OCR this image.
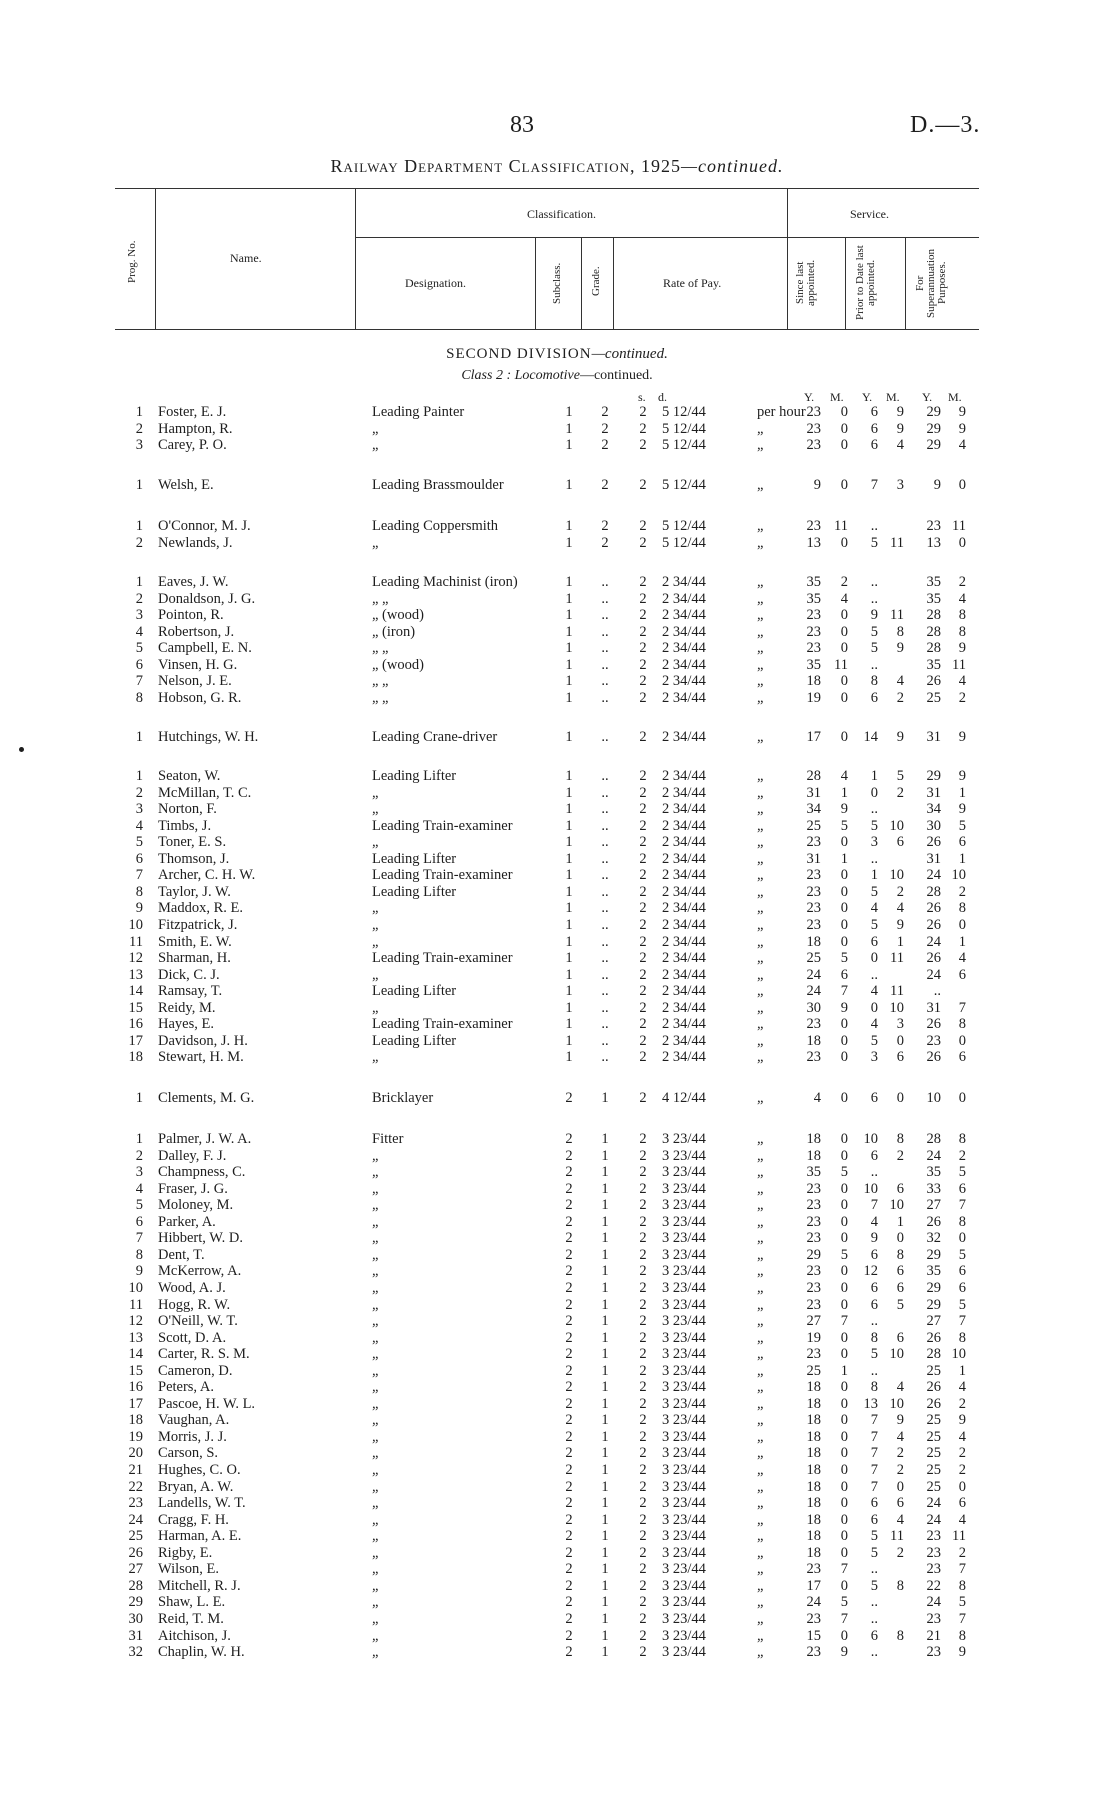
83	D.—3.
Railway Department Classification, 1925—continued.
Prog. No.	Name.
Classification.	Service.
Designation.	Subclass. Grade.	Rate of Pay.	Since last appointed.	Prior to Date last appointed.	For Superannuation Purposes.
SECOND DIVISION—continued.
Class 2 : Locomotive—continued.
s. d.	Y. M. Y. M. Y. M.
1 Foster, E. J.	Leading Painter	1	2	2 5 12/44	per hour 23	0	6	9	29	9
2 Hampton, R.	„	1	2	2 5 12/44	„	23	0	6	9	29	9
3 Carey, P. O.	„	1	2	2 5 12/44	„	23	0	6	4	29	4
1 Welsh, E.	Leading Brassmoulder	1	2	2 5 12/44	„	9	0	7	3	9	0
1 O'Connor, M. J.	Leading Coppersmith	1	2	2 5 12/44	„	23 11	..	23 11
2 Newlands, J.	„	1	2	2 5 12/44	„	13	0	5 11	13	0
1 Eaves, J. W.	Leading Machinist (iron)	1	..	2 2 34/44	„	35	2	..	35	2
2 Donaldson, J. G.	„ „	1	..	2 2 34/44	„	35	4	..	35	4
3 Pointon, R.	„ (wood)	1	..	2 2 34/44	„	23	0	9 11	28	8
4 Robertson, J.	„ (iron)	1	..	2 2 34/44	„	23	0	5	8	28	8
5 Campbell, E. N.	„ „	1	..	2 2 34/44	„	23	0	5	9	28	9
6 Vinsen, H. G.	„ (wood)	1	..	2 2 34/44	„	35 11	..	35 11
7 Nelson, J. E.	„ „	1	..	2 2 34/44	„	18	0	8	4	26	4
8 Hobson, G. R.	„ „	1	..	2 2 34/44	„	19	0	6	2	25	2
1 Hutchings, W. H.	Leading Crane-driver	1	..	2 2 34/44	„	17	0	14	9	31	9
1 Seaton, W.	Leading Lifter	1	..	2 2 34/44	„	28	4	1	5	29	9
2 McMillan, T. C.	„	1	..	2 2 34/44	„	31	1	0	2	31	1
3 Norton, F.	„	1	..	2 2 34/44	„	34	9	..	34	9
4 Timbs, J.	Leading Train-examiner	1	..	2 2 34/44	„	25	5	5 10	30	5
5 Toner, E. S.	„	1	..	2 2 34/44	„	23	0	3	6	26	6
6 Thomson, J.	Leading Lifter	1	..	2 2 34/44	„	31	1	..	31	1
7 Archer, C. H. W.	Leading Train-examiner	1	..	2 2 34/44	„	23	0	1 10	24 10
8 Taylor, J. W.	Leading Lifter	1	..	2 2 34/44	„	23	0	5	2	28	2
9 Maddox, R. E.	„	1	..	2 2 34/44	„	23	0	4	4	26	8
10 Fitzpatrick, J.	„	1	..	2 2 34/44	„	23	0	5	9	26	0
11 Smith, E. W.	„	1	..	2 2 34/44	„	18	0	6	1	24	1
12 Sharman, H.	Leading Train-examiner	1	..	2 2 34/44	„	25	5	0 11	26	4
13 Dick, C. J.	„	1	..	2 2 34/44	„	24	6	..	24	6
14 Ramsay, T.	Leading Lifter	1	..	2 2 34/44	„	24	7	4 11	..
15 Reidy, M.	„	1	..	2 2 34/44	„	30	9	0 10	31	7
16 Hayes, E.	Leading Train-examiner	1	..	2 2 34/44	„	23	0	4	3	26	8
17 Davidson, J. H.	Leading Lifter	1	..	2 2 34/44	„	18	0	5	0	23	0
18 Stewart, H. M.	„	1	..	2 2 34/44	„	23	0	3	6	26	6
1 Clements, M. G.	Bricklayer	2	1	2 4 12/44	„	4	0	6	0	10	0
1 Palmer, J. W. A.	Fitter	2	1	2 3 23/44	„	18	0	10	8	28	8
2 Dalley, F. J.	„	2	1	2 3 23/44	„	18	0	6	2	24	2
3 Champness, C.	„	2	1	2 3 23/44	„	35	5	..	35	5
4 Fraser, J. G.	„	2	1	2 3 23/44	„	23	0	10	6	33	6
5 Moloney, M.	„	2	1	2 3 23/44	„	23	0	7 10	27	7
6 Parker, A.	„	2	1	2 3 23/44	„	23	0	4	1	26	8
7 Hibbert, W. D.	„	2	1	2 3 23/44	„	23	0	9	0	32	0
8 Dent, T.	„	2	1	2 3 23/44	„	29	5	6	8	29	5
9 McKerrow, A.	„	2	1	2 3 23/44	„	23	0	12	6	35	6
10 Wood, A. J.	„	2	1	2 3 23/44	„	23	0	6	6	29	6
11 Hogg, R. W.	„	2	1	2 3 23/44	„	23	0	6	5	29	5
12 O'Neill, W. T.	„	2	1	2 3 23/44	„	27	7	..	27	7
13 Scott, D. A.	„	2	1	2 3 23/44	„	19	0	8	6	26	8
14 Carter, R. S. M.	„	2	1	2 3 23/44	„	23	0	5 10	28 10
15 Cameron, D.	„	2	1	2 3 23/44	„	25	1	..	25	1
16 Peters, A.	„	2	1	2 3 23/44	„	18	0	8	4	26	4
17 Pascoe, H. W. L.	„	2	1	2 3 23/44	„	18	0	13 10	26	2
18 Vaughan, A.	„	2	1	2 3 23/44	„	18	0	7	9	25	9
19 Morris, J. J.	„	2	1	2 3 23/44	„	18	0	7	4	25	4
20 Carson, S.	„	2	1	2 3 23/44	„	18	0	7	2	25	2
21 Hughes, C. O.	„	2	1	2 3 23/44	„	18	0	7	2	25	2
22 Bryan, A. W.	„	2	1	2 3 23/44	„	18	0	7	0	25	0
23 Landells, W. T.	„	2	1	2 3 23/44	„	18	0	6	6	24	6
24 Cragg, F. H.	„	2	1	2 3 23/44	„	18	0	6	4	24	4
25 Harman, A. E.	„	2	1	2 3 23/44	„	18	0	5 11	23 11
26 Rigby, E.	„	2	1	2 3 23/44	„	18	0	5	2	23	2
27 Wilson, E.	„	2	1	2 3 23/44	„	23	7	..	23	7
28 Mitchell, R. J.	„	2	1	2 3 23/44	„	17	0	5	8	22	8
29 Shaw, L. E.	„	2	1	2 3 23/44	„	24	5	..	24	5
30 Reid, T. M.	„	2	1	2 3 23/44	„	23	7	..	23	7
31 Aitchison, J.	„	2	1	2 3 23/44	„	15	0	6	8	21	8
32 Chaplin, W. H.	„	2	1	2 3 23/44	„	23	9	..	23	9
